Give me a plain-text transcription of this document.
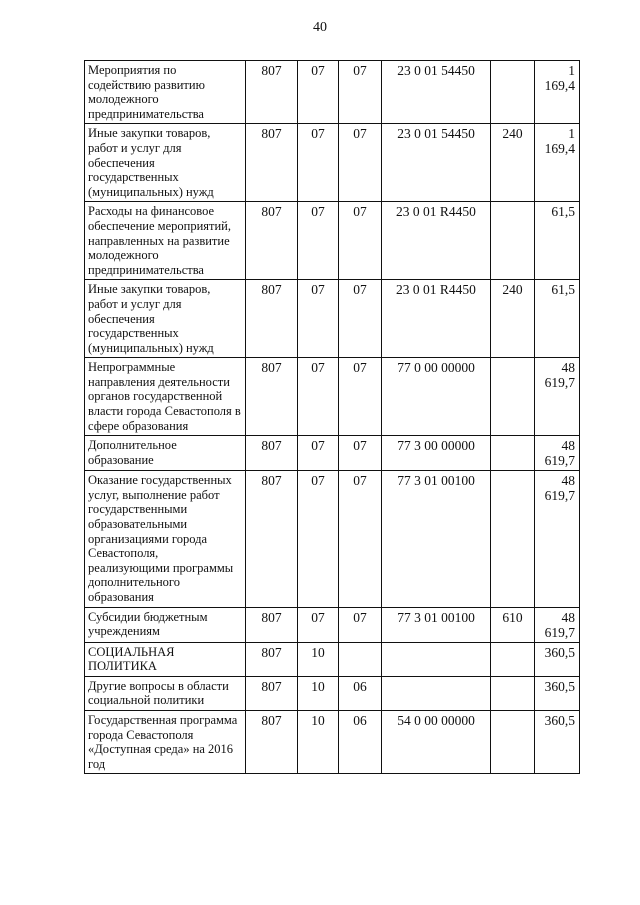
40
Мероприятия по содействию развитию молодежного предпринимательства	807	07	07	23 0 01 54450		1 169,4
Иные закупки товаров, работ и услуг для обеспечения государственных (муниципальных) нужд	807	07	07	23 0 01 54450	240	1 169,4
Расходы на финансовое обеспечение мероприятий, направленных на развитие молодежного предпринимательства	807	07	07	23 0 01 R4450		61,5
Иные закупки товаров, работ и услуг для обеспечения государственных (муниципальных) нужд	807	07	07	23 0 01 R4450	240	61,5
Непрограммные направления деятельности органов государственной власти города Севастополя в сфере образования	807	07	07	77 0 00 00000		48 619,7
Дополнительное образование	807	07	07	77 3 00 00000		48 619,7
Оказание государственных услуг, выполнение работ государственными образовательными организациями города Севастополя, реализующими программы дополнительного образования	807	07	07	77 3 01 00100		48 619,7
Субсидии бюджетным учреждениям	807	07	07	77 3 01 00100	610	48 619,7
СОЦИАЛЬНАЯ ПОЛИТИКА	807	10				360,5
Другие вопросы в области социальной политики	807	10	06			360,5
Государственная программа города Севастополя «Доступная среда» на 2016 год	807	10	06	54 0 00 00000		360,5
